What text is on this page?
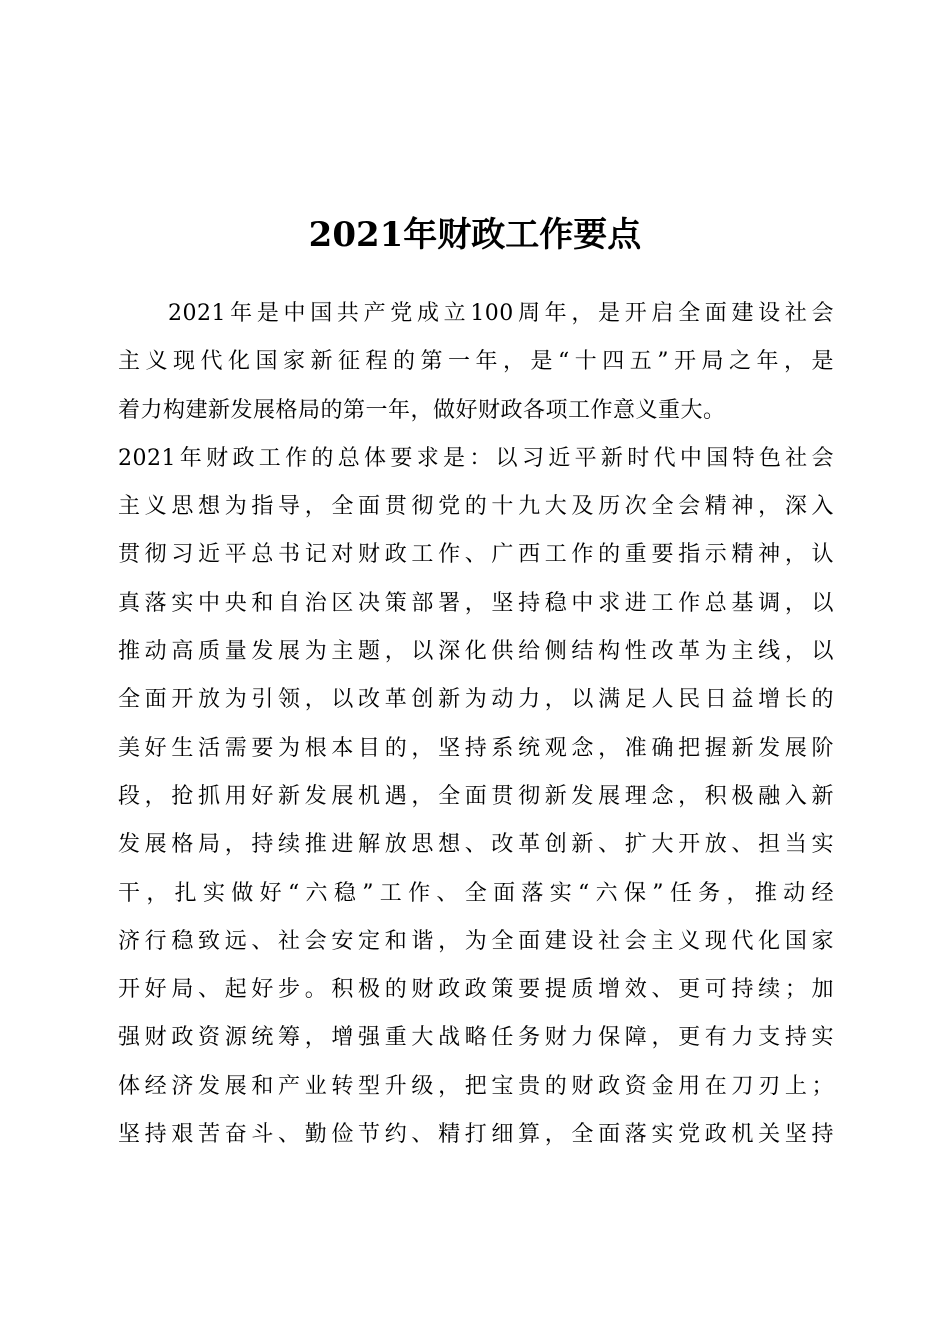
2021年财政工作要点
2021年是中国共产党成立100周年，是开启全面建设社会
主义现代化国家新征程的第一年，是“十四五”开局之年，是
着力构建新发展格局的第一年，做好财政各项工作意义重大。
2021年财政工作的总体要求是：以习近平新时代中国特色社会
主义思想为指导，全面贯彻党的十九大及历次全会精神，深入
贯彻习近平总书记对财政工作、广西工作的重要指示精神，认
真落实中央和自治区决策部署，坚持稳中求进工作总基调，以
推动高质量发展为主题，以深化供给侧结构性改革为主线，以
全面开放为引领，以改革创新为动力，以满足人民日益增长的
美好生活需要为根本目的，坚持系统观念，准确把握新发展阶
段，抢抓用好新发展机遇，全面贯彻新发展理念，积极融入新
发展格局，持续推进解放思想、改革创新、扩大开放、担当实
干，扎实做好“六稳”工作、全面落实“六保”任务，推动经
济行稳致远、社会安定和谐，为全面建设社会主义现代化国家
开好局、起好步。积极的财政政策要提质增效、更可持续；加
强财政资源统筹，增强重大战略任务财力保障，更有力支持实
体经济发展和产业转型升级，把宝贵的财政资金用在刀刃上；
坚持艰苦奋斗、勤俭节约、精打细算，全面落实党政机关坚持
